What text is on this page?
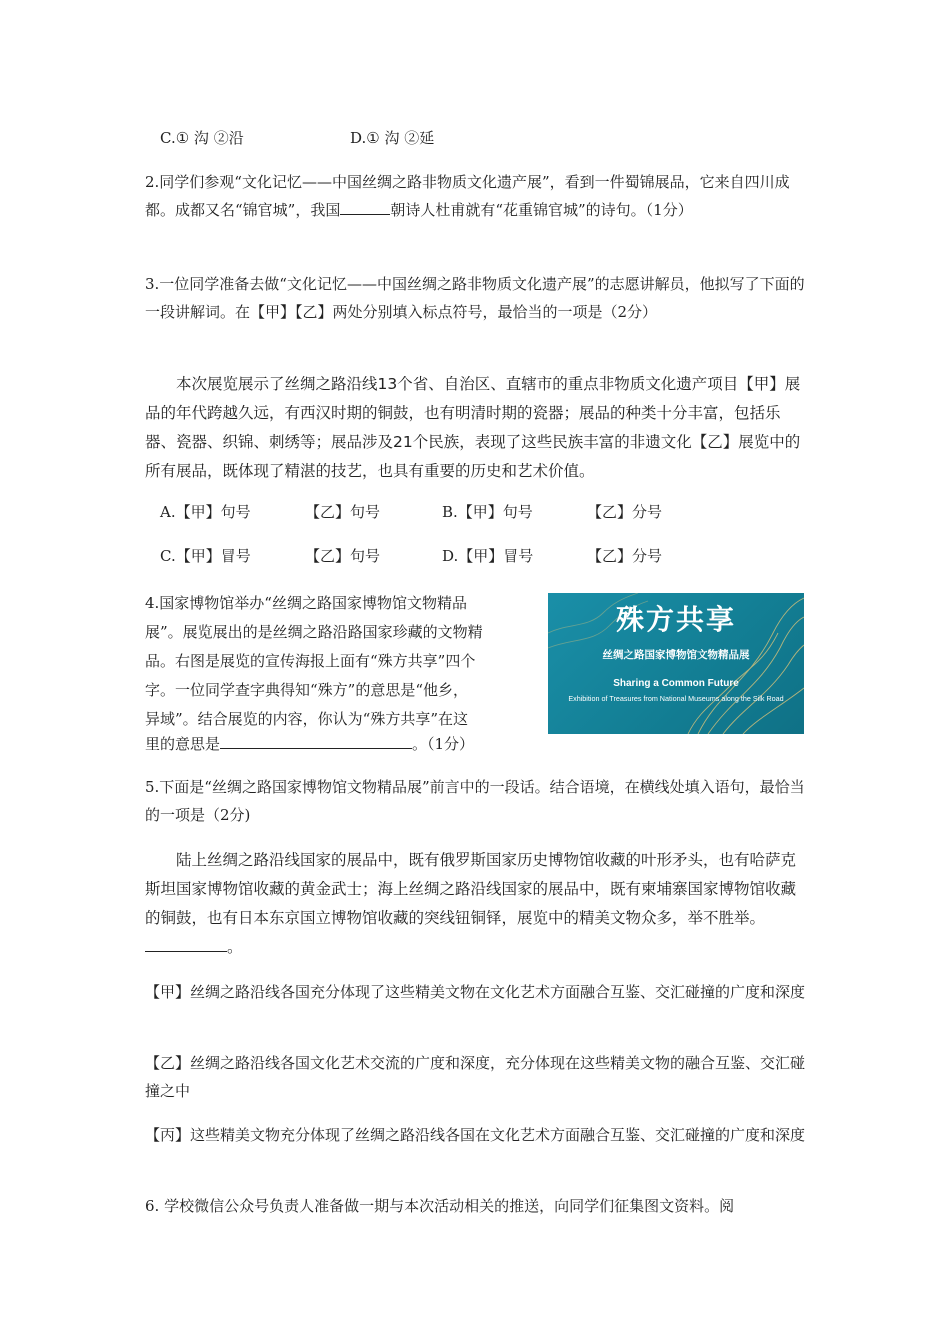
C.① 沟 ②沿	D.① 沟 ②延
2.同学们参观“文化记忆——中国丝绸之路非物质文化遗产展”，看到一件蜀锦展品，它来自四川成都。成都又名“锦官城”，我国	朝诗人杜甫就有“花重锦官城”的诗句。（1分）
3.一位同学准备去做“文化记忆——中国丝绸之路非物质文化遗产展”的志愿讲解员，他拟写了下面的一段讲解词。在【甲】【乙】两处分别填入标点符号，最恰当的一项是（2分）
本次展览展示了丝绸之路沿线13个省、自治区、直辖市的重点非物质文化遗产项目【甲】展品的年代跨越久远，有西汉时期的铜鼓，也有明清时期的瓷器；展品的种类十分丰富，包括乐器、瓷器、织锦、刺绣等；展品涉及21个民族，表现了这些民族丰富的非遗文化【乙】展览中的所有展品，既体现了精湛的技艺，也具有重要的历史和艺术价值。
A.【甲】句号	【乙】句号	B.【甲】句号	【乙】分号
C.【甲】冒号	【乙】句号	D.【甲】冒号	【乙】分号
4.国家博物馆举办“丝绸之路国家博物馆文物精品
展”。展览展出的是丝绸之路沿路国家珍藏的文物精
品。右图是展览的宣传海报上面有“殊方共享”四个
字。一位同学查字典得知“殊方”的意思是“他乡，
异域”。结合展览的内容，你认为“殊方共享”在这
里的意思是	。（1分）
殊方共享
丝绸之路国家博物馆文物精品展
Sharing a Common Future
Exhibition of Treasures from National Museums along the Silk Road
5.下面是“丝绸之路国家博物馆文物精品展”前言中的一段话。结合语境，在横线处填入语句，最恰当的一项是（2分)
陆上丝绸之路沿线国家的展品中，既有俄罗斯国家历史博物馆收藏的叶形矛头，也有哈萨克斯坦国家博物馆收藏的黄金武士；海上丝绸之路沿线国家的展品中，既有柬埔寨国家博物馆收藏的铜鼓，也有日本东京国立博物馆收藏的突线钮铜铎，展览中的精美文物众多，举不胜举。。
【甲】丝绸之路沿线各国充分体现了这些精美文物在文化艺术方面融合互鉴、交汇碰撞的广度和深度
【乙】丝绸之路沿线各国文化艺术交流的广度和深度，充分体现在这些精美文物的融合互鉴、交汇碰撞之中
【丙】这些精美文物充分体现了丝绸之路沿线各国在文化艺术方面融合互鉴、交汇碰撞的广度和深度
6. 学校微信公众号负责人准备做一期与本次活动相关的推送，向同学们征集图文资料。阅
